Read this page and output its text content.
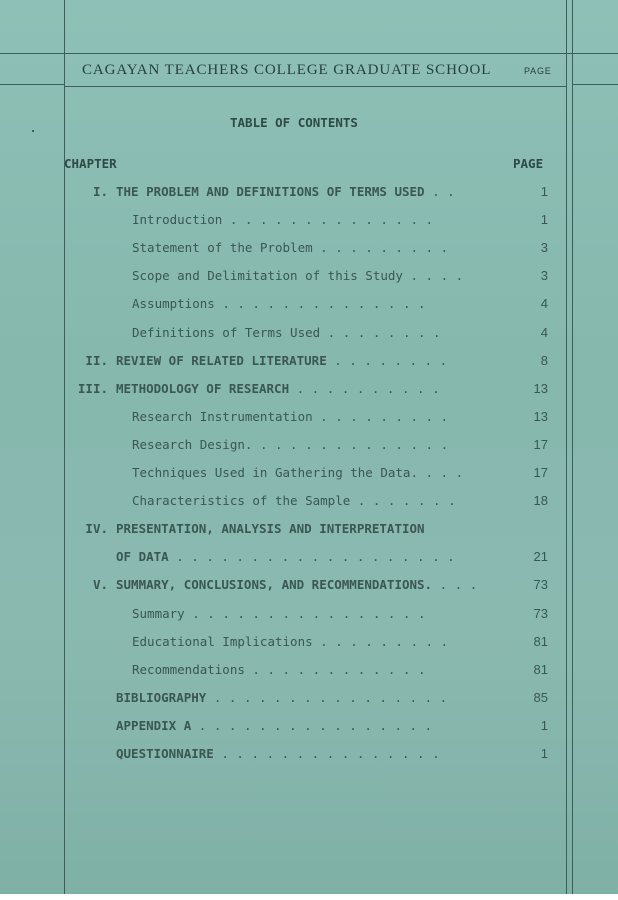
CAGAYAN TEACHERS COLLEGE GRADUATE SCHOOL	PAGE
TABLE OF CONTENTS
CHAPTER	PAGE
I. THE PROBLEM AND DEFINITIONS OF TERMS USED . .	1
Introduction . . . . . . . . . . . . . .	1
Statement of the Problem . . . . . . . . .	3
Scope and Delimitation of this Study . . . .	3
Assumptions . . . . . . . . . . . . . .	4
Definitions of Terms Used . . . . . . . .	4
II. REVIEW OF RELATED LITERATURE . . . . . . . .	8
III. METHODOLOGY OF RESEARCH . . . . . . . . . .	13
Research Instrumentation . . . . . . . . .	13
Research Design. . . . . . . . . . . . . .	17
Techniques Used in Gathering the Data. . . .	17
Characteristics of the Sample . . . . . . .	18
IV. PRESENTATION, ANALYSIS AND INTERPRETATION
OF DATA . . . . . . . . . . . . . . . . . . .	21
V. SUMMARY, CONCLUSIONS, AND RECOMMENDATIONS. . . .	73
Summary . . . . . . . . . . . . . . . .	73
Educational Implications . . . . . . . . .	81
Recommendations . . . . . . . . . . . .	81
BIBLIOGRAPHY . . . . . . . . . . . . . . . .	85
APPENDIX A . . . . . . . . . . . . . . . .	1
QUESTIONNAIRE . . . . . . . . . . . . . . .	1
